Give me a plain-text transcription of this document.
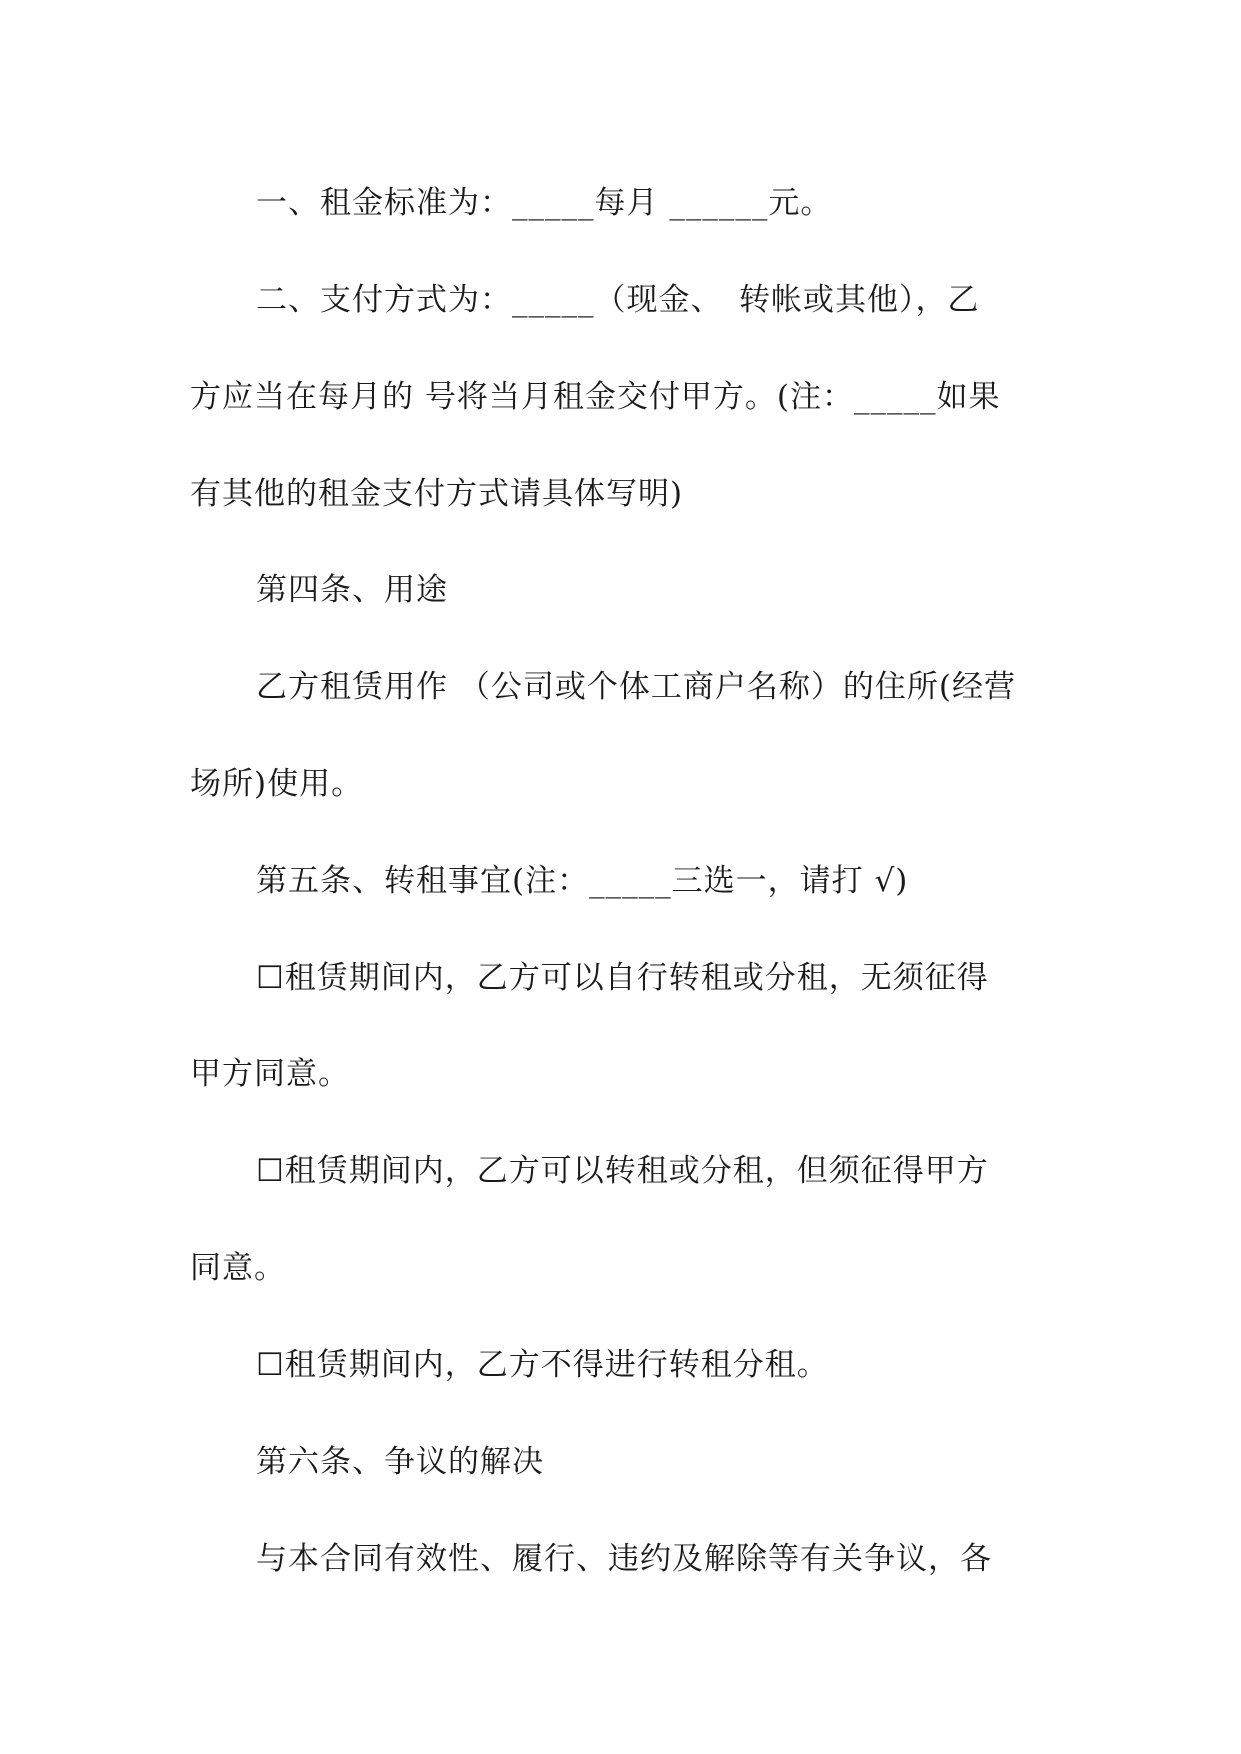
一、租金标准为：_____每月 ______元。
二、支付方式为：_____（现金、　转帐或其他），乙
方应当在每月的 号将当月租金交付甲方。(注：_____如果
有其他的租金支付方式请具体写明)
第四条、用途
乙方租赁用作 （公司或个体工商户名称）的住所(经营
场所)使用。
第五条、转租事宜(注：_____三选一，请打 √)
☐租赁期间内，乙方可以自行转租或分租，无须征得
甲方同意。
☐租赁期间内，乙方可以转租或分租，但须征得甲方
同意。
☐租赁期间内，乙方不得进行转租分租。
第六条、争议的解决
与本合同有效性、履行、违约及解除等有关争议，各
